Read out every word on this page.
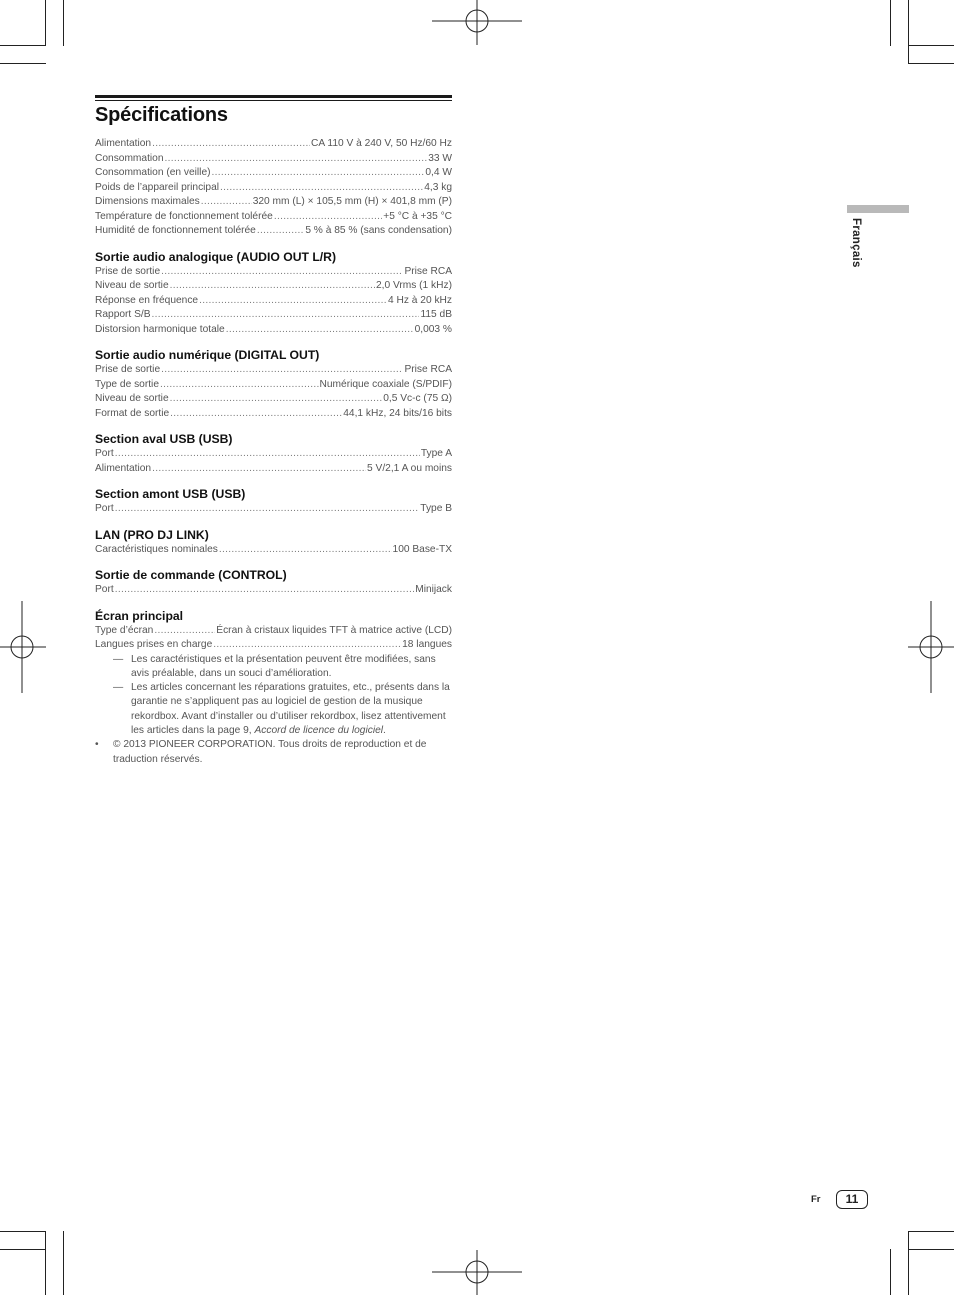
Spécifications
Alimentation .....	CA 110 V à 240 V, 50 Hz/60 Hz
Consommation .....	33 W
Consommation (en veille) .....	0,4 W
Poids de l’appareil principal .....	4,3 kg
Dimensions maximales .....	320 mm (L) × 105,5 mm (H) × 401,8 mm (P)
Température de fonctionnement tolérée .....	+5 °C à +35 °C
Humidité de fonctionnement tolérée .....	5 % à 85 % (sans condensation)
Sortie audio analogique (AUDIO OUT L/R)
Prise de sortie .....	Prise RCA
Niveau de sortie .....	2,0 Vrms (1 kHz)
Réponse en fréquence .....	4 Hz à 20 kHz
Rapport S/B .....	115 dB
Distorsion harmonique totale .....	0,003 %
Sortie audio numérique (DIGITAL OUT)
Prise de sortie .....	Prise RCA
Type de sortie .....	Numérique coaxiale (S/PDIF)
Niveau de sortie .....	0,5 Vc-c (75 Ω)
Format de sortie .....	44,1 kHz, 24 bits/16 bits
Section aval USB (USB)
Port .....	Type A
Alimentation .....	5 V/2,1 A ou moins
Section amont USB (USB)
Port .....	Type B
LAN (PRO DJ LINK)
Caractéristiques nominales .....	100 Base-TX
Sortie de commande (CONTROL)
Port .....	Minijack
Écran principal
Type d’écran .....	Écran à cristaux liquides TFT à matrice active (LCD)
Langues prises en charge .....	18 langues
— Les caractéristiques et la présentation peuvent être modifiées, sans avis préalable, dans un souci d’amélioration.
— Les articles concernant les réparations gratuites, etc., présents dans la garantie ne s’appliquent pas au logiciel de gestion de la musique rekordbox. Avant d’installer ou d’utiliser rekordbox, lisez attentivement les articles dans la page 9, Accord de licence du logiciel.
• © 2013 PIONEER CORPORATION. Tous droits de reproduction et de traduction réservés.
Français
Fr	11
